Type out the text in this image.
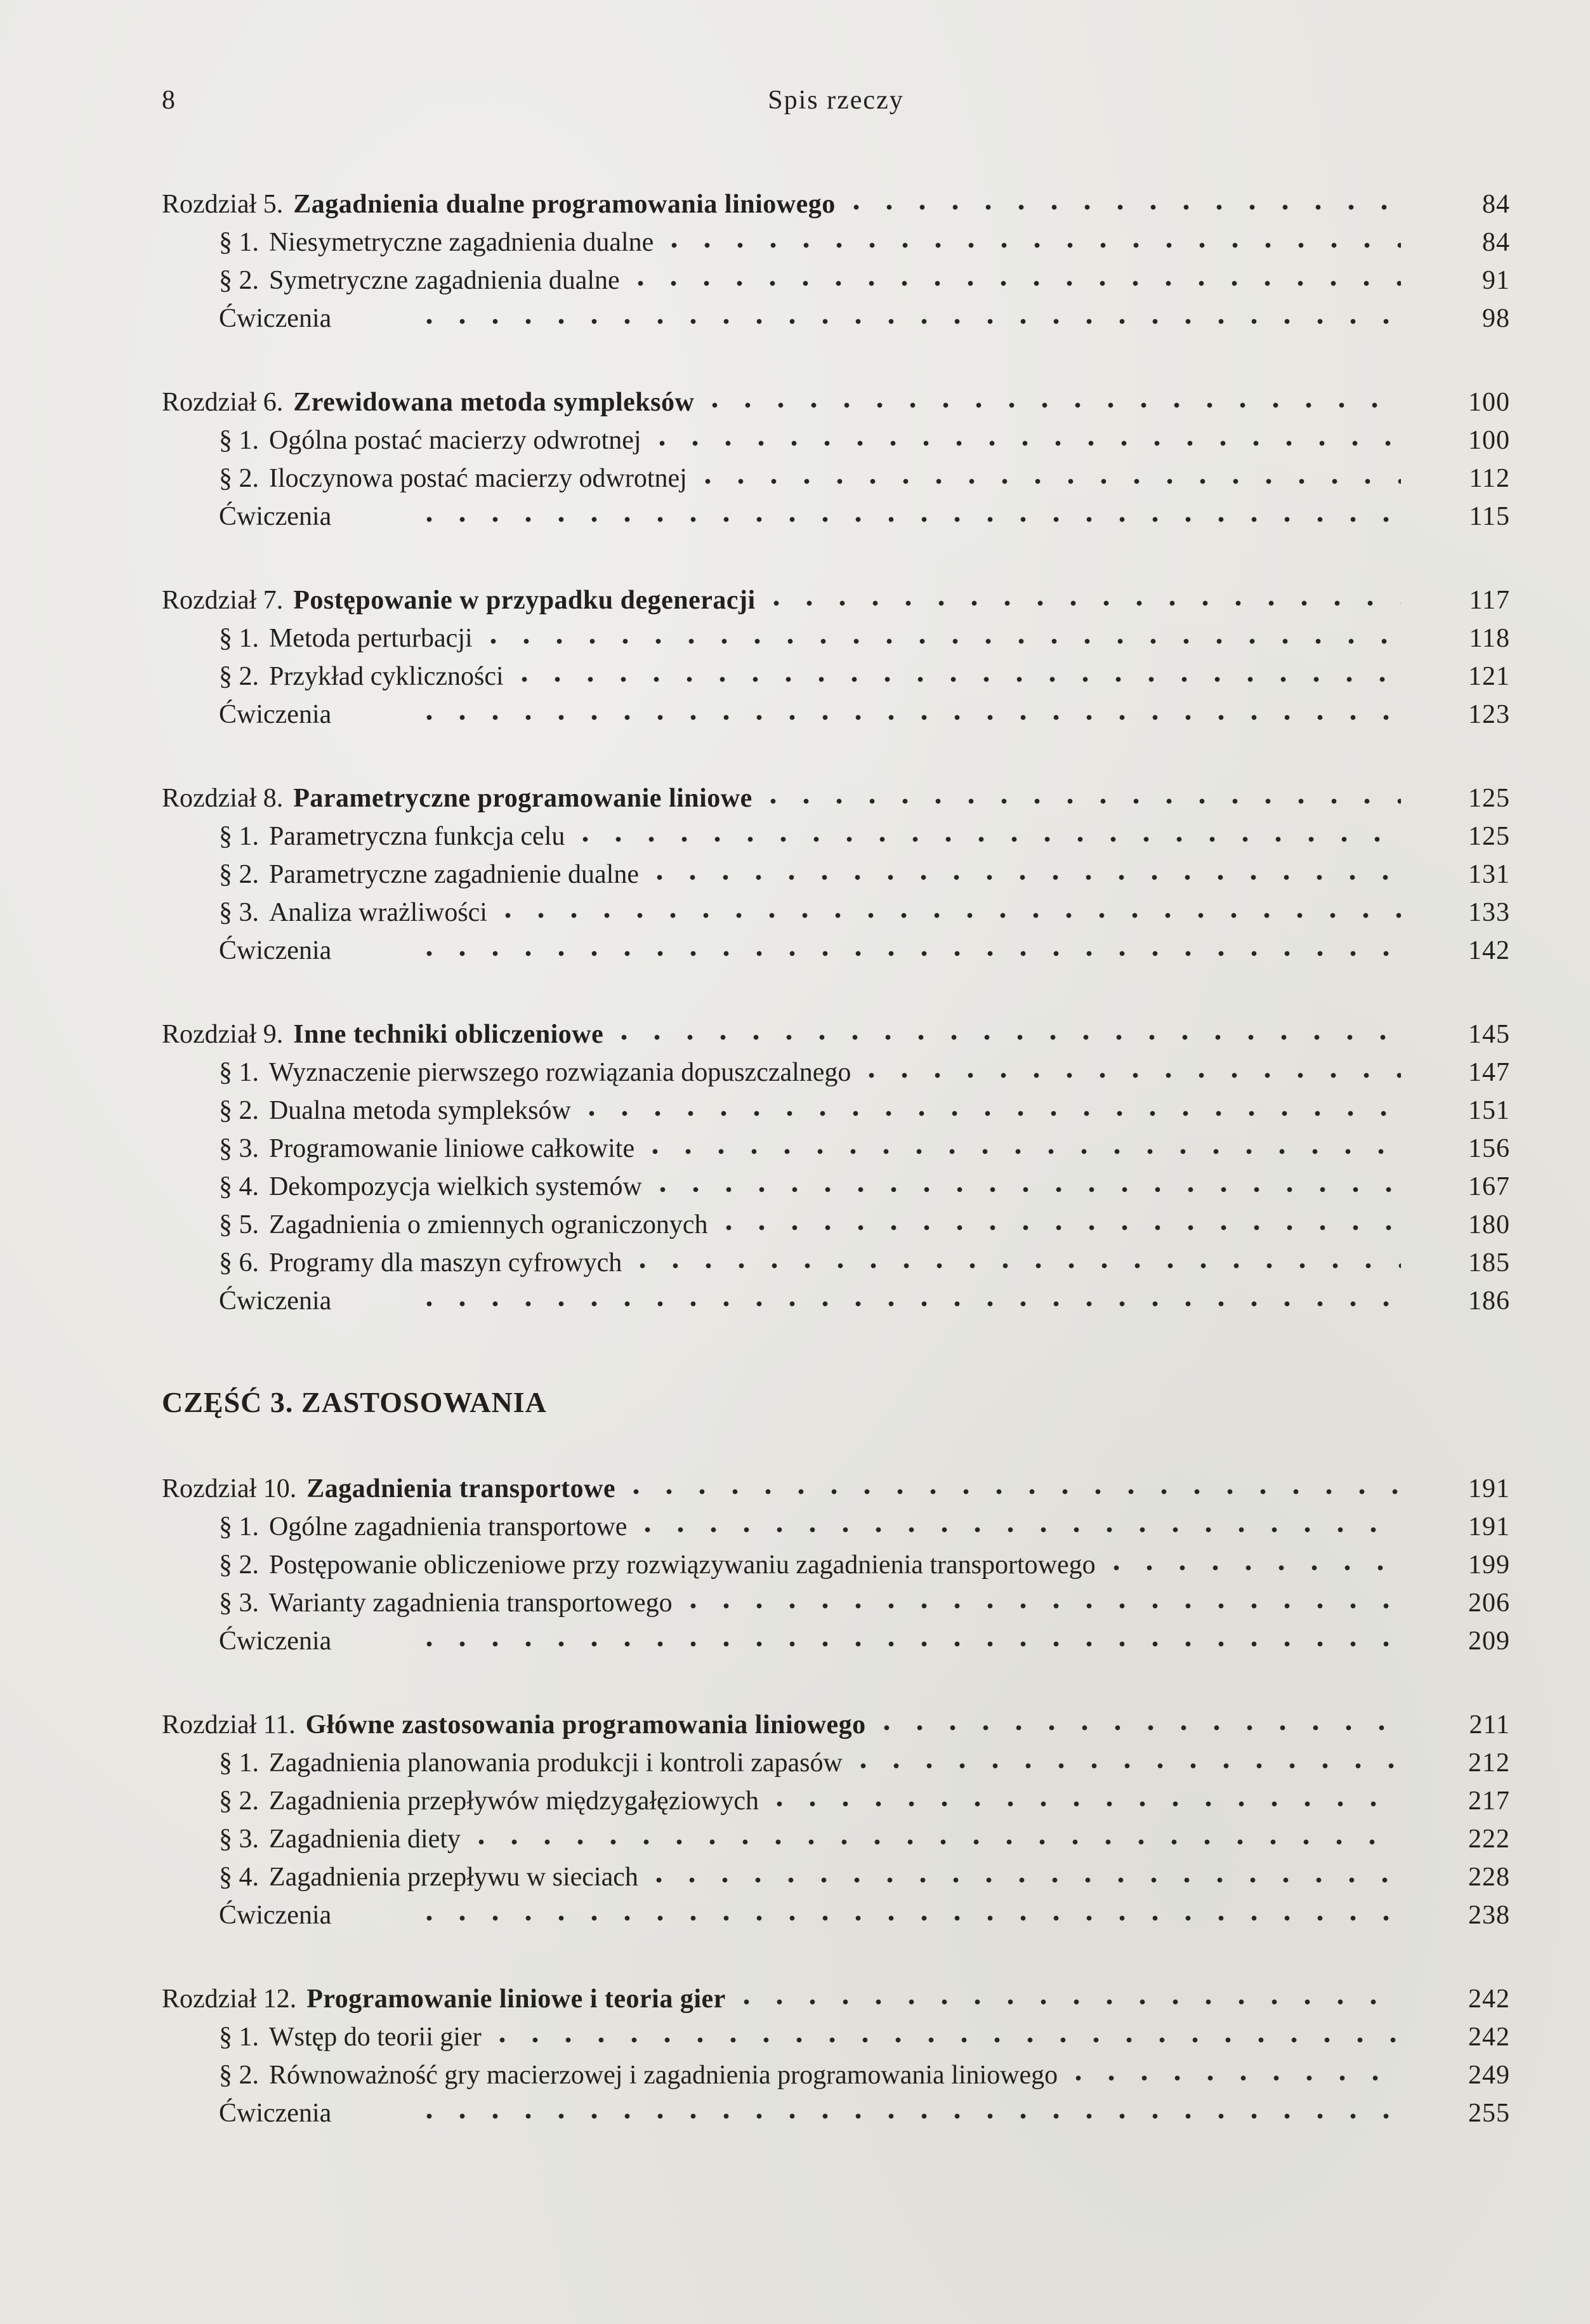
8	Spis rzeczy
Rozdział 5. Zagadnienia dualne programowania liniowego	84
§ 1. Niesymetryczne zagadnienia dualne	84
§ 2. Symetryczne zagadnienia dualne	91
Ćwiczenia	98
Rozdział 6. Zrewidowana metoda sympleksów	100
§ 1. Ogólna postać macierzy odwrotnej	100
§ 2. Iloczynowa postać macierzy odwrotnej	112
Ćwiczenia	115
Rozdział 7. Postępowanie w przypadku degeneracji	117
§ 1. Metoda perturbacji	118
§ 2. Przykład cykliczności	121
Ćwiczenia	123
Rozdział 8. Parametryczne programowanie liniowe	125
§ 1. Parametryczna funkcja celu	125
§ 2. Parametryczne zagadnienie dualne	131
§ 3. Analiza wrażliwości	133
Ćwiczenia	142
Rozdział 9. Inne techniki obliczeniowe	145
§ 1. Wyznaczenie pierwszego rozwiązania dopuszczalnego	147
§ 2. Dualna metoda sympleksów	151
§ 3. Programowanie liniowe całkowite	156
§ 4. Dekompozycja wielkich systemów	167
§ 5. Zagadnienia o zmiennych ograniczonych	180
§ 6. Programy dla maszyn cyfrowych	185
Ćwiczenia	186
CZĘŚĆ 3. ZASTOSOWANIA
Rozdział 10. Zagadnienia transportowe	191
§ 1. Ogólne zagadnienia transportowe	191
§ 2. Postępowanie obliczeniowe przy rozwiązywaniu zagadnienia transportowego	199
§ 3. Warianty zagadnienia transportowego	206
Ćwiczenia	209
Rozdział 11. Główne zastosowania programowania liniowego	211
§ 1. Zagadnienia planowania produkcji i kontroli zapasów	212
§ 2. Zagadnienia przepływów międzygałęziowych	217
§ 3. Zagadnienia diety	222
§ 4. Zagadnienia przepływu w sieciach	228
Ćwiczenia	238
Rozdział 12. Programowanie liniowe i teoria gier	242
§ 1. Wstęp do teorii gier	242
§ 2. Równoważność gry macierzowej i zagadnienia programowania liniowego	249
Ćwiczenia	255
